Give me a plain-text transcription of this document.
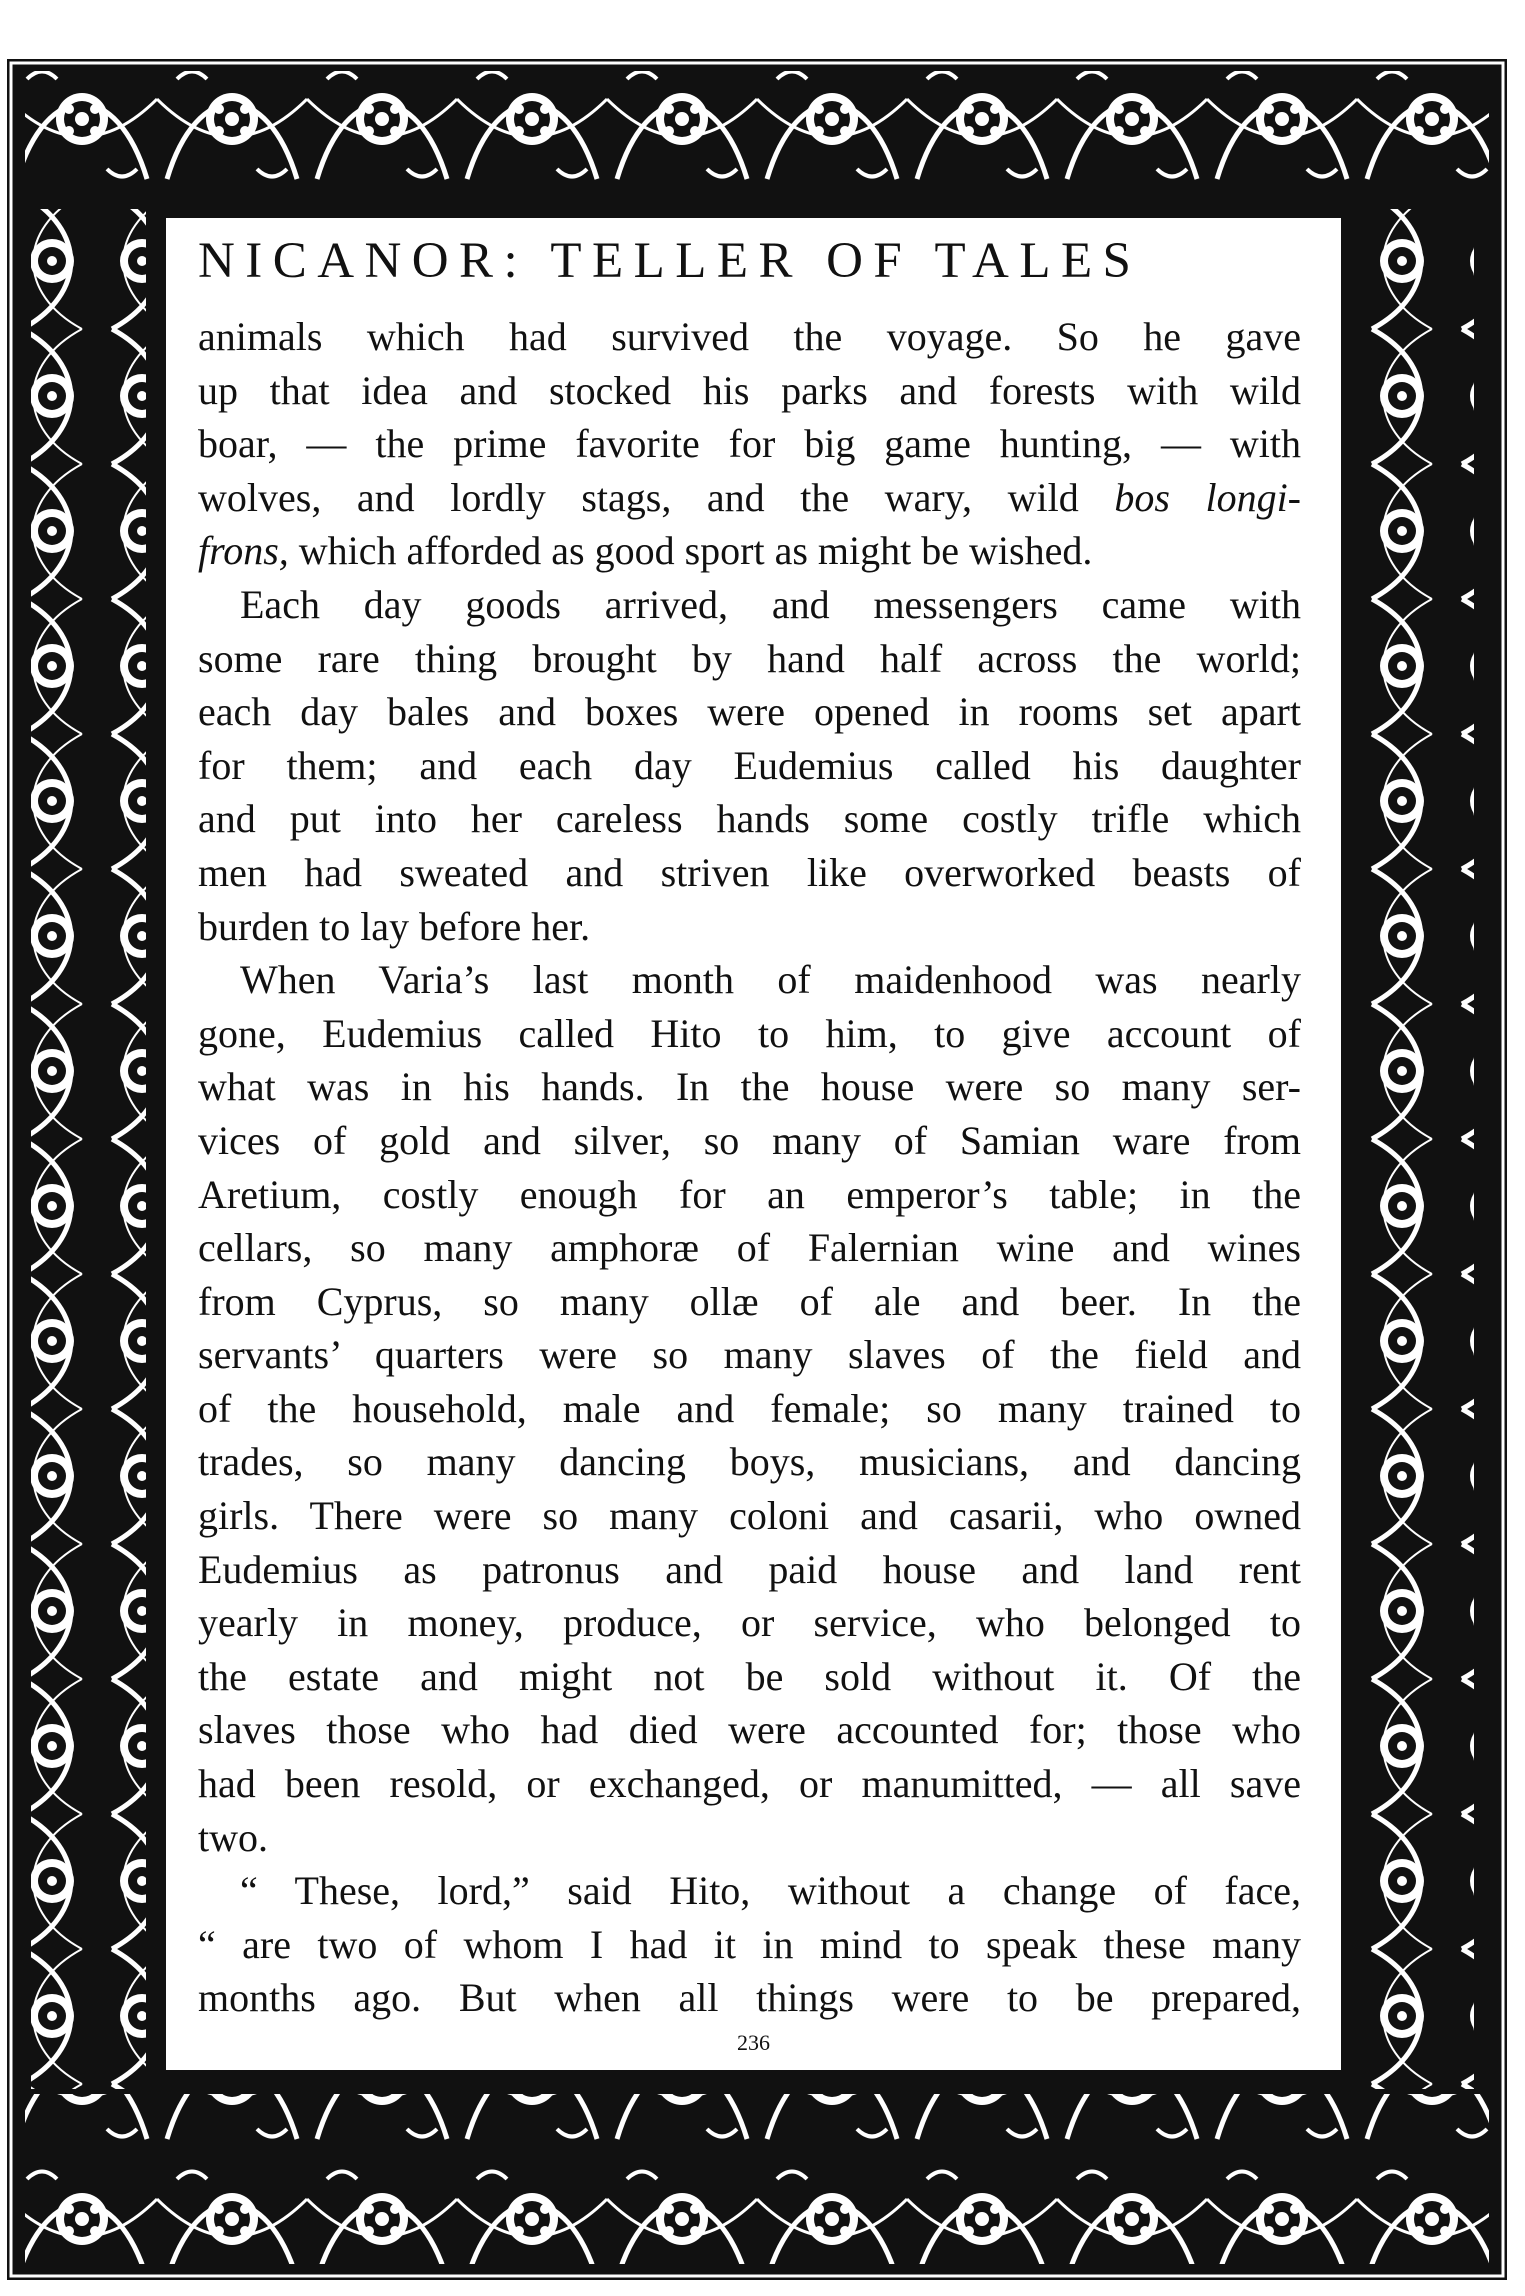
NICANOR: TELLER OF TALES
animals which had survived the voyage. So he gave
up that idea and stocked his parks and forests with wild
boar, — the prime favorite for big game hunting, — with
wolves, and lordly stags, and the wary, wild bos longi-
frons, which afforded as good sport as might be wished.
Each day goods arrived, and messengers came with
some rare thing brought by hand half across the world;
each day bales and boxes were opened in rooms set apart
for them; and each day Eudemius called his daughter
and put into her careless hands some costly trifle which
men had sweated and striven like overworked beasts of
burden to lay before her.
When Varia’s last month of maidenhood was nearly
gone, Eudemius called Hito to him, to give account of
what was in his hands. In the house were so many ser-
vices of gold and silver, so many of Samian ware from
Aretium, costly enough for an emperor’s table; in the
cellars, so many amphoræ of Falernian wine and wines
from Cyprus, so many ollæ of ale and beer. In the
servants’ quarters were so many slaves of the field and
of the household, male and female; so many trained to
trades, so many dancing boys, musicians, and dancing
girls. There were so many coloni and casarii, who owned
Eudemius as patronus and paid house and land rent
yearly in money, produce, or service, who belonged to
the estate and might not be sold without it. Of the
slaves those who had died were accounted for; those who
had been resold, or exchanged, or manumitted, — all save
two.
“ These, lord,” said Hito, without a change of face,
“ are two of whom I had it in mind to speak these many
months ago. But when all things were to be prepared,
236
